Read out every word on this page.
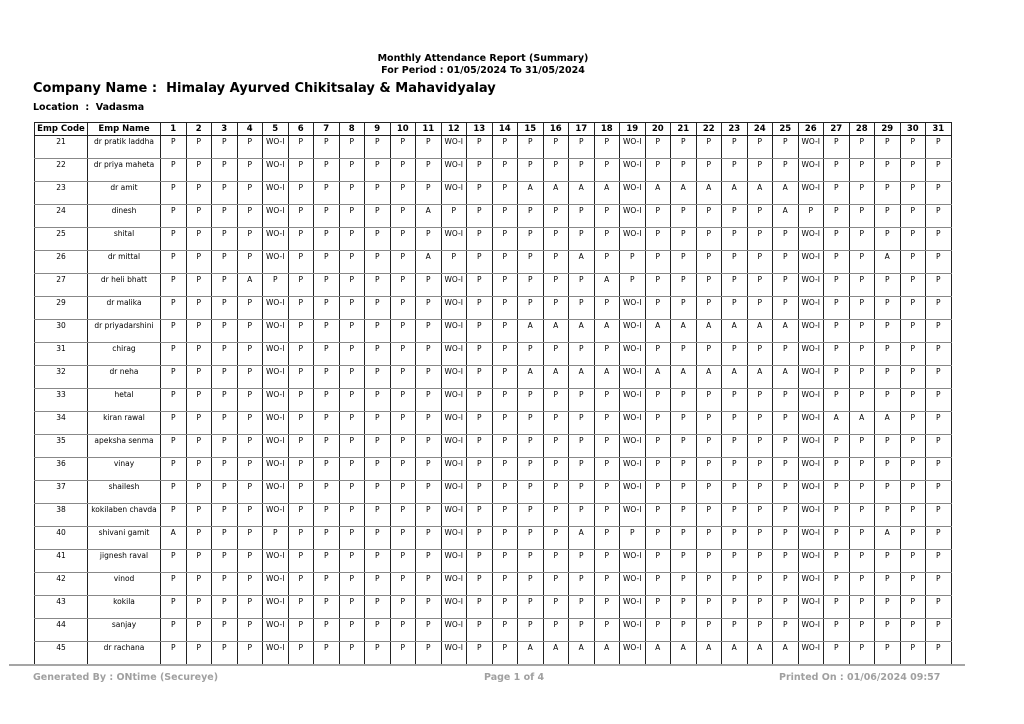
Monthly Attendance Report (Summary)
For Period : 01/05/2024 To 31/05/2024
Company Name :  Himalay Ayurved Chikitsalay & Mahavidyalay
Location  :  Vadasma
Emp Code	Emp Name	1	2	3	4	5	6	7	8	9	10	11	12	13	14	15	16	17	18	19	20	21	22	23	24	25	26	27	28	29	30	31
21	dr pratik laddha	P	P	P	P	WO-I	P	P	P	P	P	P	WO-I	P	P	P	P	P	P	WO-I	P	P	P	P	P	P	WO-I	P	P	P	P	P
22	dr priya maheta	P	P	P	P	WO-I	P	P	P	P	P	P	WO-I	P	P	P	P	P	P	WO-I	P	P	P	P	P	P	WO-I	P	P	P	P	P
23	dr amit	P	P	P	P	WO-I	P	P	P	P	P	P	WO-I	P	P	A	A	A	A	WO-I	A	A	A	A	A	A	WO-I	P	P	P	P	P
24	dinesh	P	P	P	P	WO-I	P	P	P	P	P	A	P	P	P	P	P	P	P	WO-I	P	P	P	P	P	A	P	P	P	P	P	P
25	shital	P	P	P	P	WO-I	P	P	P	P	P	P	WO-I	P	P	P	P	P	P	WO-I	P	P	P	P	P	P	WO-I	P	P	P	P	P
26	dr mittal	P	P	P	P	WO-I	P	P	P	P	P	A	P	P	P	P	P	A	P	P	P	P	P	P	P	P	WO-I	P	P	A	P	P
27	dr heli bhatt	P	P	P	A	P	P	P	P	P	P	P	WO-I	P	P	P	P	P	A	P	P	P	P	P	P	P	WO-I	P	P	P	P	P
29	dr malika	P	P	P	P	WO-I	P	P	P	P	P	P	WO-I	P	P	P	P	P	P	WO-I	P	P	P	P	P	P	WO-I	P	P	P	P	P
30	dr priyadarshini	P	P	P	P	WO-I	P	P	P	P	P	P	WO-I	P	P	A	A	A	A	WO-I	A	A	A	A	A	A	WO-I	P	P	P	P	P
31	chirag	P	P	P	P	WO-I	P	P	P	P	P	P	WO-I	P	P	P	P	P	P	WO-I	P	P	P	P	P	P	WO-I	P	P	P	P	P
32	dr neha	P	P	P	P	WO-I	P	P	P	P	P	P	WO-I	P	P	A	A	A	A	WO-I	A	A	A	A	A	A	WO-I	P	P	P	P	P
33	hetal	P	P	P	P	WO-I	P	P	P	P	P	P	WO-I	P	P	P	P	P	P	WO-I	P	P	P	P	P	P	WO-I	P	P	P	P	P
34	kiran rawal	P	P	P	P	WO-I	P	P	P	P	P	P	WO-I	P	P	P	P	P	P	WO-I	P	P	P	P	P	P	WO-I	A	A	A	P	P
35	apeksha senma	P	P	P	P	WO-I	P	P	P	P	P	P	WO-I	P	P	P	P	P	P	WO-I	P	P	P	P	P	P	WO-I	P	P	P	P	P
36	vinay	P	P	P	P	WO-I	P	P	P	P	P	P	WO-I	P	P	P	P	P	P	WO-I	P	P	P	P	P	P	WO-I	P	P	P	P	P
37	shailesh	P	P	P	P	WO-I	P	P	P	P	P	P	WO-I	P	P	P	P	P	P	WO-I	P	P	P	P	P	P	WO-I	P	P	P	P	P
38	kokilaben chavda	P	P	P	P	WO-I	P	P	P	P	P	P	WO-I	P	P	P	P	P	P	WO-I	P	P	P	P	P	P	WO-I	P	P	P	P	P
40	shivani gamit	A	P	P	P	P	P	P	P	P	P	P	WO-I	P	P	P	P	A	P	P	P	P	P	P	P	P	WO-I	P	P	A	P	P
41	jignesh raval	P	P	P	P	WO-I	P	P	P	P	P	P	WO-I	P	P	P	P	P	P	WO-I	P	P	P	P	P	P	WO-I	P	P	P	P	P
42	vinod	P	P	P	P	WO-I	P	P	P	P	P	P	WO-I	P	P	P	P	P	P	WO-I	P	P	P	P	P	P	WO-I	P	P	P	P	P
43	kokila	P	P	P	P	WO-I	P	P	P	P	P	P	WO-I	P	P	P	P	P	P	WO-I	P	P	P	P	P	P	WO-I	P	P	P	P	P
44	sanjay	P	P	P	P	WO-I	P	P	P	P	P	P	WO-I	P	P	P	P	P	P	WO-I	P	P	P	P	P	P	WO-I	P	P	P	P	P
45	dr rachana	P	P	P	P	WO-I	P	P	P	P	P	P	WO-I	P	P	A	A	A	A	WO-I	A	A	A	A	A	A	WO-I	P	P	P	P	P
Generated By : ONtime (Secureye)	Page 1 of 4	Printed On : 01/06/2024 09:57
